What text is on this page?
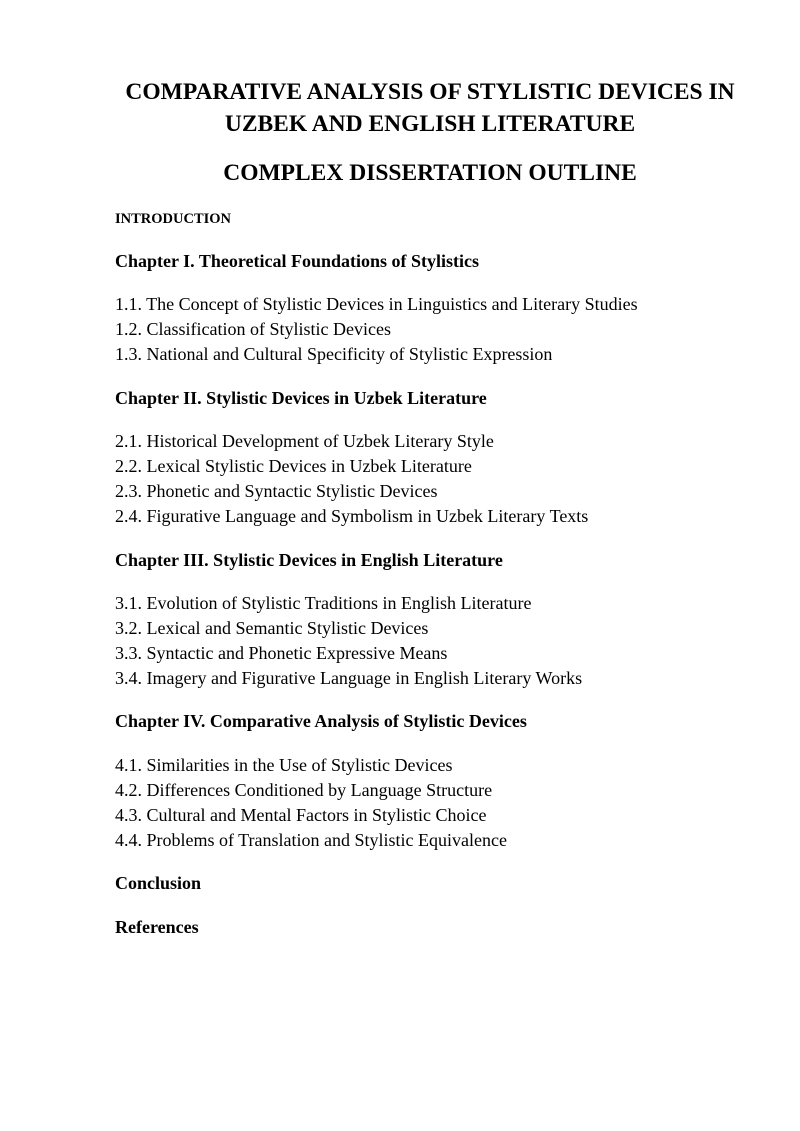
COMPARATIVE ANALYSIS OF STYLISTIC DEVICES IN
UZBEK AND ENGLISH LITERATURE
COMPLEX DISSERTATION OUTLINE
INTRODUCTION
Chapter I. Theoretical Foundations of Stylistics
1.1. The Concept of Stylistic Devices in Linguistics and Literary Studies
1.2. Classification of Stylistic Devices
1.3. National and Cultural Specificity of Stylistic Expression
Chapter II. Stylistic Devices in Uzbek Literature
2.1. Historical Development of Uzbek Literary Style
2.2. Lexical Stylistic Devices in Uzbek Literature
2.3. Phonetic and Syntactic Stylistic Devices
2.4. Figurative Language and Symbolism in Uzbek Literary Texts
Chapter III. Stylistic Devices in English Literature
3.1. Evolution of Stylistic Traditions in English Literature
3.2. Lexical and Semantic Stylistic Devices
3.3. Syntactic and Phonetic Expressive Means
3.4. Imagery and Figurative Language in English Literary Works
Chapter IV. Comparative Analysis of Stylistic Devices
4.1. Similarities in the Use of Stylistic Devices
4.2. Differences Conditioned by Language Structure
4.3. Cultural and Mental Factors in Stylistic Choice
4.4. Problems of Translation and Stylistic Equivalence
Conclusion
References
